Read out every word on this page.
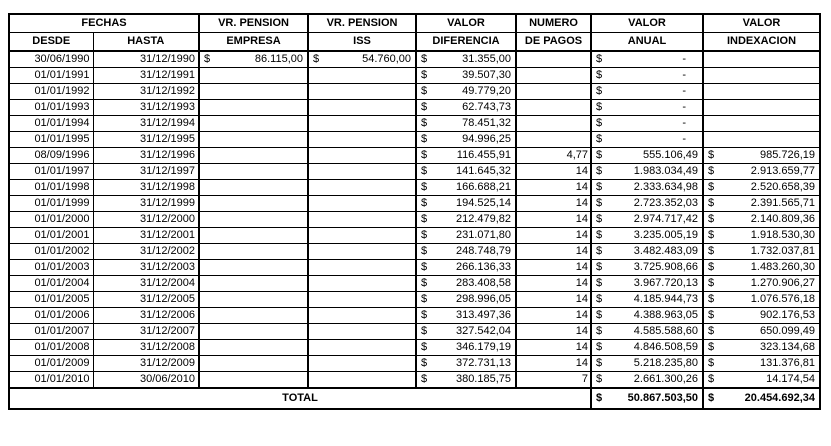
FECHAS		VR. PENSION	VR. PENSION	VALOR	NUMERO	VALOR	VALOR
DESDE	HASTA	EMPRESA	ISS	DIFERENCIA	DE PAGOS	ANUAL	INDEXACION
30/06/1990	31/12/1990	$ 86.115,00	$ 54.760,00	$ 31.355,00		$ -	

01/01/1991	31/12/1991			$ 39.507,30		$ -	

01/01/1992	31/12/1992			$ 49.779,20		$ -	

01/01/1993	31/12/1993			$ 62.743,73		$ -	

01/01/1994	31/12/1994			$ 78.451,32		$ -	

01/01/1995	31/12/1995			$ 94.996,25		$ -	

08/09/1996	31/12/1996			$ 116.455,91	4,77	$ 555.106,49	$ 985.726,19

01/01/1997	31/12/1997			$ 141.645,32	14	$ 1.983.034,49	$ 2.913.659,77

01/01/1998	31/12/1998			$ 166.688,21	14	$ 2.333.634,98	$ 2.520.658,39

01/01/1999	31/12/1999			$ 194.525,14	14	$ 2.723.352,03	$ 2.391.565,71

01/01/2000	31/12/2000			$ 212.479,82	14	$ 2.974.717,42	$ 2.140.809,36

01/01/2001	31/12/2001			$ 231.071,80	14	$ 3.235.005,19	$ 1.918.530,30

01/01/2002	31/12/2002			$ 248.748,79	14	$ 3.482.483,09	$ 1.732.037,81

01/01/2003	31/12/2003			$ 266.136,33	14	$ 3.725.908,66	$ 1.483.260,30

01/01/2004	31/12/2004			$ 283.408,58	14	$ 3.967.720,13	$ 1.270.906,27

01/01/2005	31/12/2005			$ 298.996,05	14	$ 4.185.944,73	$ 1.076.576,18

01/01/2006	31/12/2006			$ 313.497,36	14	$ 4.388.963,05	$ 902.176,53

01/01/2007	31/12/2007			$ 327.542,04	14	$ 4.585.588,60	$ 650.099,49

01/01/2008	31/12/2008			$ 346.179,19	14	$ 4.846.508,59	$ 323.134,68

01/01/2009	31/12/2009			$ 372.731,13	14	$ 5.218.235,80	$ 131.376,81

01/01/2010	30/06/2010			$ 380.185,75	7	$ 2.661.300,26	$ 14.174,54

TOTAL						$ 50.867.503,50	$ 20.454.692,34
